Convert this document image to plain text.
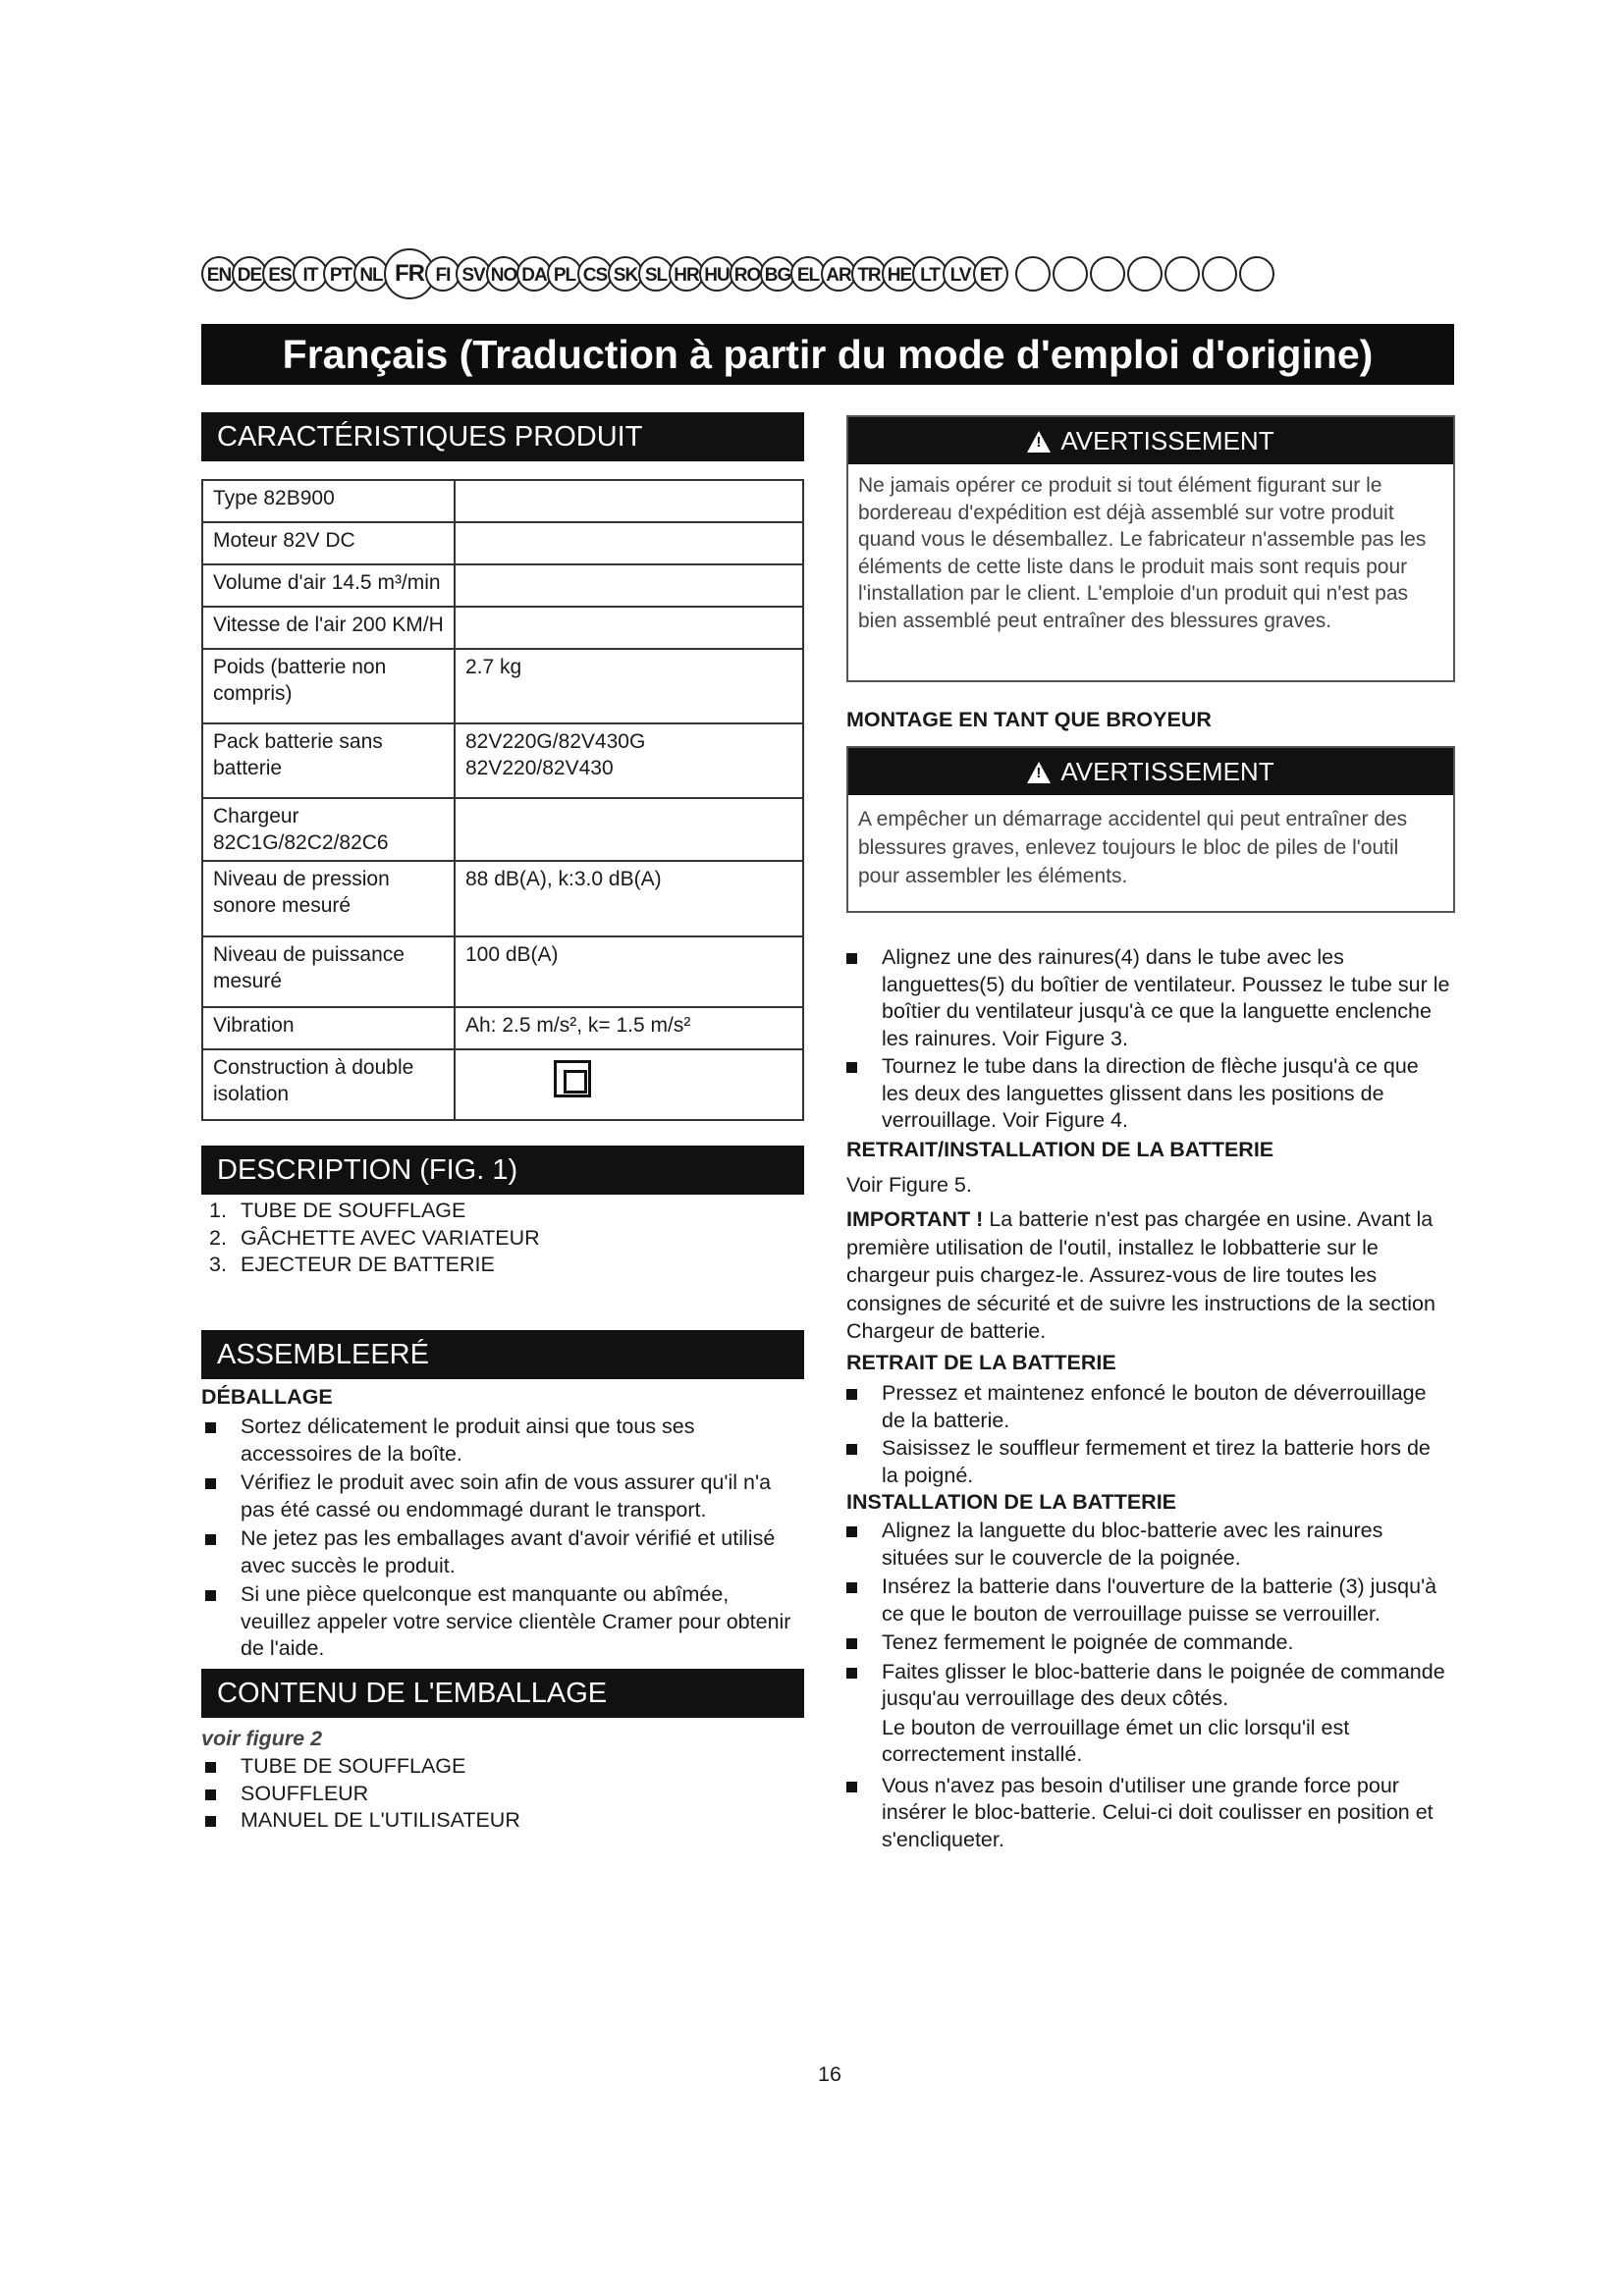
EN DE ES IT PT NL FR FI SV NO DA PL CS SK SL HR HU RO BG EL AR TR HE LT LV ET
Français (Traduction à partir du mode d'emploi d'origine)
CARACTÉRISTIQUES PRODUIT
Type 82B900	
Moteur 82V DC	
Volume d'air 14.5 m³/min	
Vitesse de l'air 200 KM/H	
Poids (batterie non compris)	2.7 kg
Pack batterie sans batterie	82V220G/82V430G 82V220/82V430
Chargeur 82C1G/82C2/82C6	
Niveau de pression sonore mesuré	88 dB(A), k:3.0 dB(A)
Niveau de puissance mesuré	100 dB(A)
Vibration	Ah: 2.5 m/s², k= 1.5 m/s²
Construction à double isolation	
DESCRIPTION (FIG. 1)
1. TUBE DE SOUFFLAGE
2. GÂCHETTE AVEC VARIATEUR
3. EJECTEUR DE BATTERIE
ASSEMBLEERÉ
DÉBALLAGE
Sortez délicatement le produit ainsi que tous ses accessoires de la boîte.
Vérifiez le produit avec soin afin de vous assurer qu'il n'a pas été cassé ou endommagé durant le transport.
Ne jetez pas les emballages avant d'avoir vérifié et utilisé avec succès le produit.
Si une pièce quelconque est manquante ou abîmée, veuillez appeler votre service clientèle Cramer pour obtenir de l'aide.
CONTENU DE L'EMBALLAGE
voir figure 2
TUBE DE SOUFFLAGE
SOUFFLEUR
MANUEL DE L'UTILISATEUR
!AVERTISSEMENT
Ne jamais opérer ce produit si tout élément figurant sur le bordereau d'expédition est déjà assemblé sur votre produit quand vous le désemballez. Le fabricateur n'assemble pas les éléments de cette liste dans le produit mais sont requis pour l'installation par le client. L'emploie d'un produit qui n'est pas bien assemblé peut entraîner des blessures graves.
MONTAGE EN TANT QUE BROYEUR
!AVERTISSEMENT
A empêcher un démarrage accidentel qui peut entraîner des blessures graves, enlevez toujours le bloc de piles de l'outil pour assembler les éléments.
Alignez une des rainures(4) dans le tube avec les languettes(5) du boîtier de ventilateur. Poussez le tube sur le boîtier du ventilateur jusqu'à ce que la languette enclenche les rainures. Voir Figure 3.
Tournez le tube dans la direction de flèche jusqu'à ce que les deux des languettes glissent dans les positions de verrouillage. Voir Figure 4.
RETRAIT/INSTALLATION DE LA BATTERIE
Voir Figure 5.
IMPORTANT ! La batterie n'est pas chargée en usine. Avant la première utilisation de l'outil, installez le lobbatterie sur le chargeur puis chargez-le. Assurez-vous de lire toutes les consignes de sécurité et de suivre les instructions de la section Chargeur de batterie.
RETRAIT DE LA BATTERIE
Pressez et maintenez enfoncé le bouton de déverrouillage de la batterie.
Saisissez le souffleur fermement et tirez la batterie hors de la poigné.
INSTALLATION DE LA BATTERIE
Alignez la languette du bloc-batterie avec les rainures situées sur le couvercle de la poignée.
Insérez la batterie dans l'ouverture de la batterie (3) jusqu'à ce que le bouton de verrouillage puisse se verrouiller.
Tenez fermement le poignée de commande.
Faites glisser le bloc-batterie dans le poignée de commande jusqu'au verrouillage des deux côtés.
Le bouton de verrouillage émet un clic lorsqu'il est correctement installé.
Vous n'avez pas besoin d'utiliser une grande force pour insérer le bloc-batterie. Celui-ci doit coulisser en position et s'encliqueter.
16
